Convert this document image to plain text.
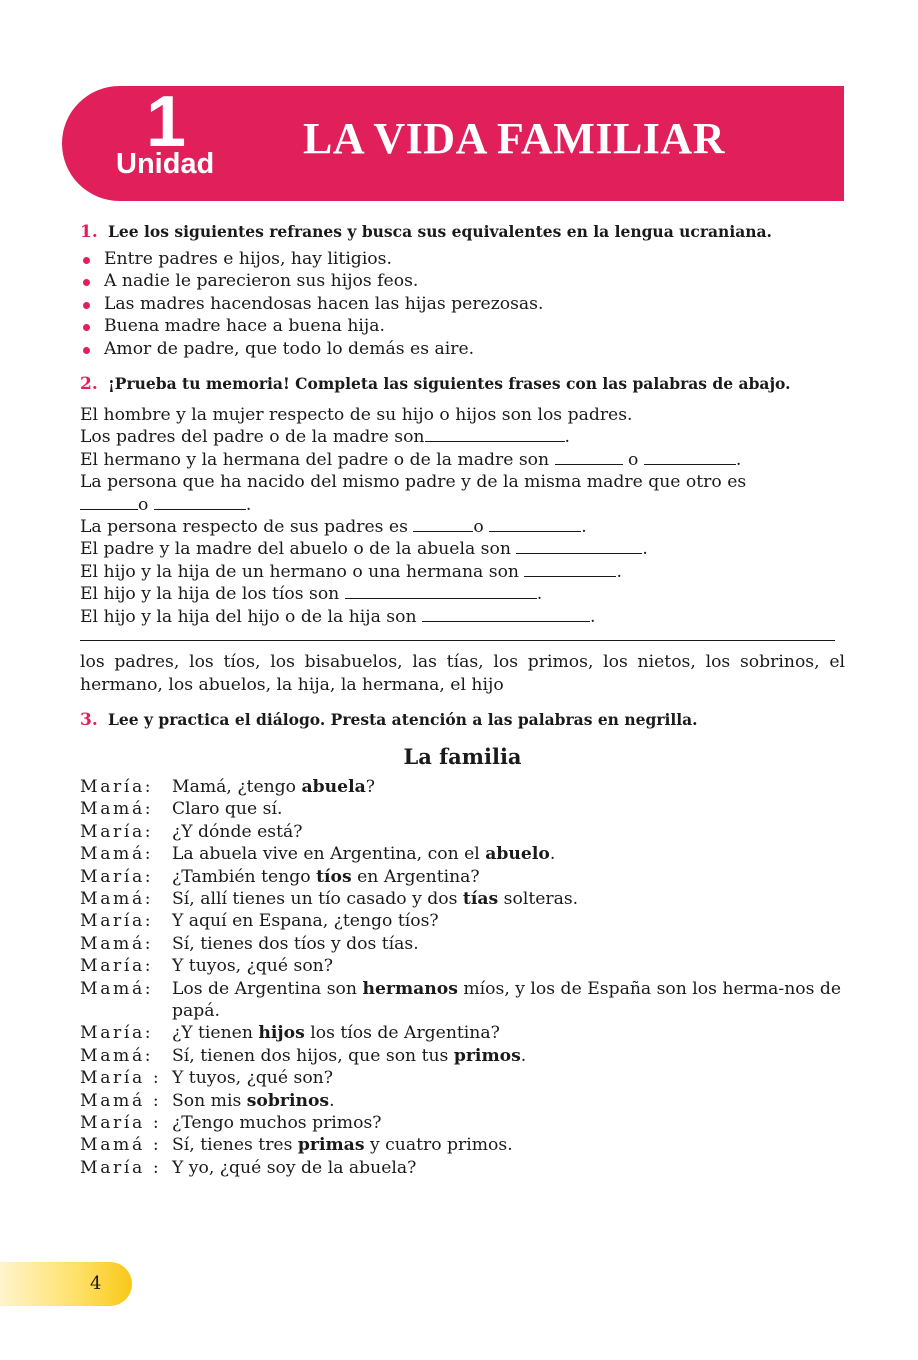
1
Unidad
LA VIDA FAMILIAR
1. Lee los siguientes refranes y busca sus equivalentes en la lengua ucraniana.
Entre padres e hijos, hay litigios.
A nadie le parecieron sus hijos feos.
Las madres hacendosas hacen las hijas perezosas.
Buena madre hace a buena hija.
Amor de padre, que todo lo demás es aire.
2. ¡Prueba tu memoria! Completa las siguientes frases con las palabras de abajo.
El hombre y la mujer respecto de su hijo o hijos son los padres.
Los padres del padre o de la madre son	.
El hermano y la hermana del padre o de la madre son	o	.
La persona que ha nacido del mismo padre y de la misma madre que otro es
o	.
La persona respecto de sus padres es	o	.
El padre y la madre del abuelo o de la abuela son	.
El hijo y la hija de un hermano o una hermana son	.
El hijo y la hija de los tíos son	.
El hijo y la hija del hijo o de la hija son	.
los padres, los tíos, los bisabuelos, las tías, los primos, los nietos, los sobrinos, el hermano, los abuelos, la hija, la hermana, el hijo
3. Lee y practica el diálogo. Presta atención a las palabras en negrilla.
La familia
María:	Mamá, ¿tengo abuela?
Mamá:	Claro que sí.
María:	¿Y dónde está?
Mamá:	La abuela vive en Argentina, con el abuelo.
María:	¿También tengo tíos en Argentina?
Mamá:	Sí, allí tienes un tío casado y dos tías solteras.
María:	Y aquí en Espana, ¿tengo tíos?
Mamá:	Sí, tienes dos tíos y dos tías.
María:	Y tuyos, ¿qué son?
Mamá:	Los de Argentina son hermanos míos, y los de España son los herma-nos de papá.
María:	¿Y tienen hijos los tíos de Argentina?
Mamá:	Sí, tienen dos hijos, que son tus primos.
María : Y tuyos, ¿qué son?
Mamá : Son mis sobrinos.
María : ¿Tengo muchos primos?
Mamá : Sí, tienes tres primas y cuatro primos.
María : Y yo, ¿qué soy de la abuela?
4
